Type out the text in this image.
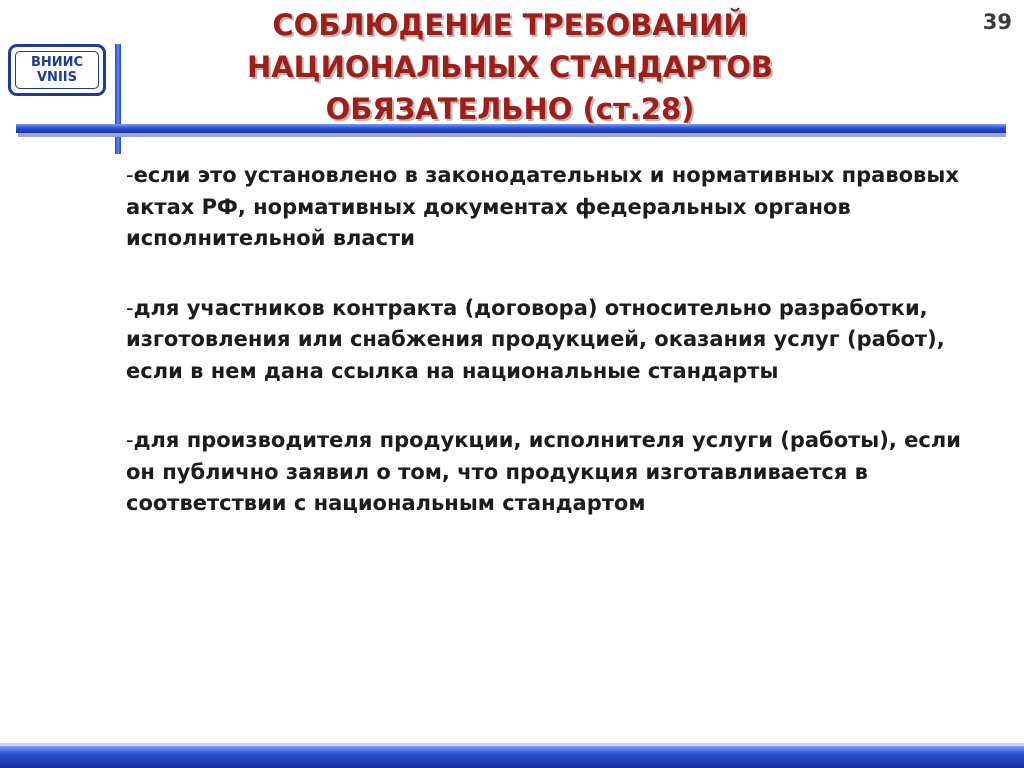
ВНИИС
VNIIS
СОБЛЮДЕНИЕ ТРЕБОВАНИЙ
НАЦИОНАЛЬНЫХ СТАНДАРТОВ
ОБЯЗАТЕЛЬНО (ст.28)
39

-если это установлено в законодательных и нормативных правовых актах РФ, нормативных документах федеральных органов исполнительной власти

-для участников контракта (договора) относительно разработки, изготовления или снабжения продукцией, оказания услуг (работ), если в нем дана ссылка на национальные стандарты

-для производителя продукции, исполнителя услуги (работы), если он публично заявил о том, что продукция изготавливается в соответствии с национальным стандартом
